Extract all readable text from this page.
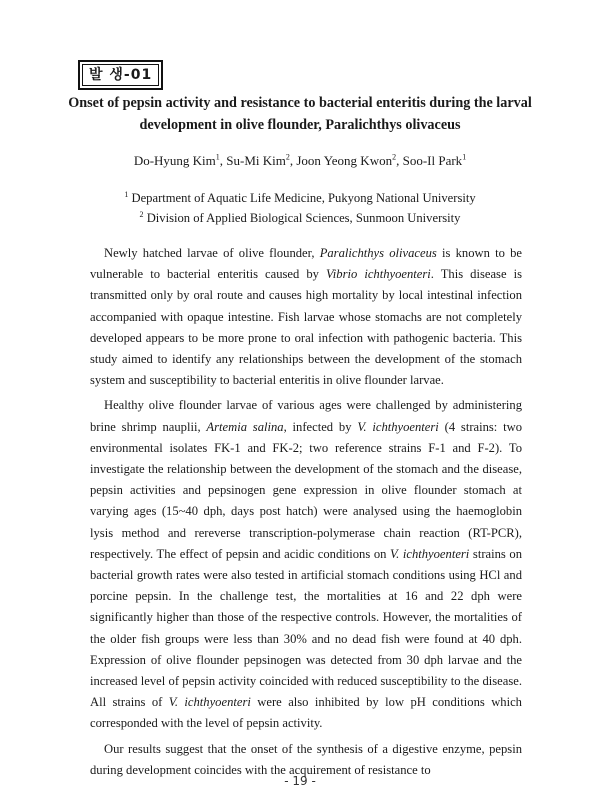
발 생-01
Onset of pepsin activity and resistance to bacterial enteritis during the larval development in olive flounder, Paralichthys olivaceus
Do-Hyung Kim$^1$, Su-Mi Kim$^2$, Joon Yeong Kwon$^2$, Soo-Il Park$^1$
$^1$ Department of Aquatic Life Medicine, Pukyong National University
$^2$ Division of Applied Biological Sciences, Sunmoon University

Newly hatched larvae of olive flounder, Paralichthys olivaceus is known to be vulnerable to bacterial enteritis caused by Vibrio ichthyoenteri. This disease is transmitted only by oral route and causes high mortality by local intestinal infection accompanied with opaque intestine. Fish larvae whose stomachs are not completely developed appears to be more prone to oral infection with pathogenic bacteria. This study aimed to identify any relationships between the development of the stomach system and susceptibility to bacterial enteritis in olive flounder larvae.

Healthy olive flounder larvae of various ages were challenged by administering brine shrimp nauplii, Artemia salina, infected by V. ichthyoenteri (4 strains: two environmental isolates FK-1 and FK-2; two reference strains F-1 and F-2). To investigate the relationship between the development of the stomach and the disease, pepsin activities and pepsinogen gene expression in olive flounder stomach at varying ages (15~40 dph, days post hatch) were analysed using the haemoglobin lysis method and rereverse transcription-polymerase chain reaction (RT-PCR), respectively. The effect of pepsin and acidic conditions on V. ichthyoenteri strains on bacterial growth rates were also tested in artificial stomach conditions using HCl and porcine pepsin. In the challenge test, the mortalities at 16 and 22 dph were significantly higher than those of the respective controls. However, the mortalities of the older fish groups were less than 30% and no dead fish were found at 40 dph. Expression of olive flounder pepsinogen was detected from 30 dph larvae and the increased level of pepsin activity coincided with reduced susceptibility to the disease. All strains of V. ichthyoenteri were also inhibited by low pH conditions which corresponded with the level of pepsin activity.

Our results suggest that the onset of the synthesis of a digestive enzyme, pepsin during development coincides with the acquirement of resistance to

- 19 -
